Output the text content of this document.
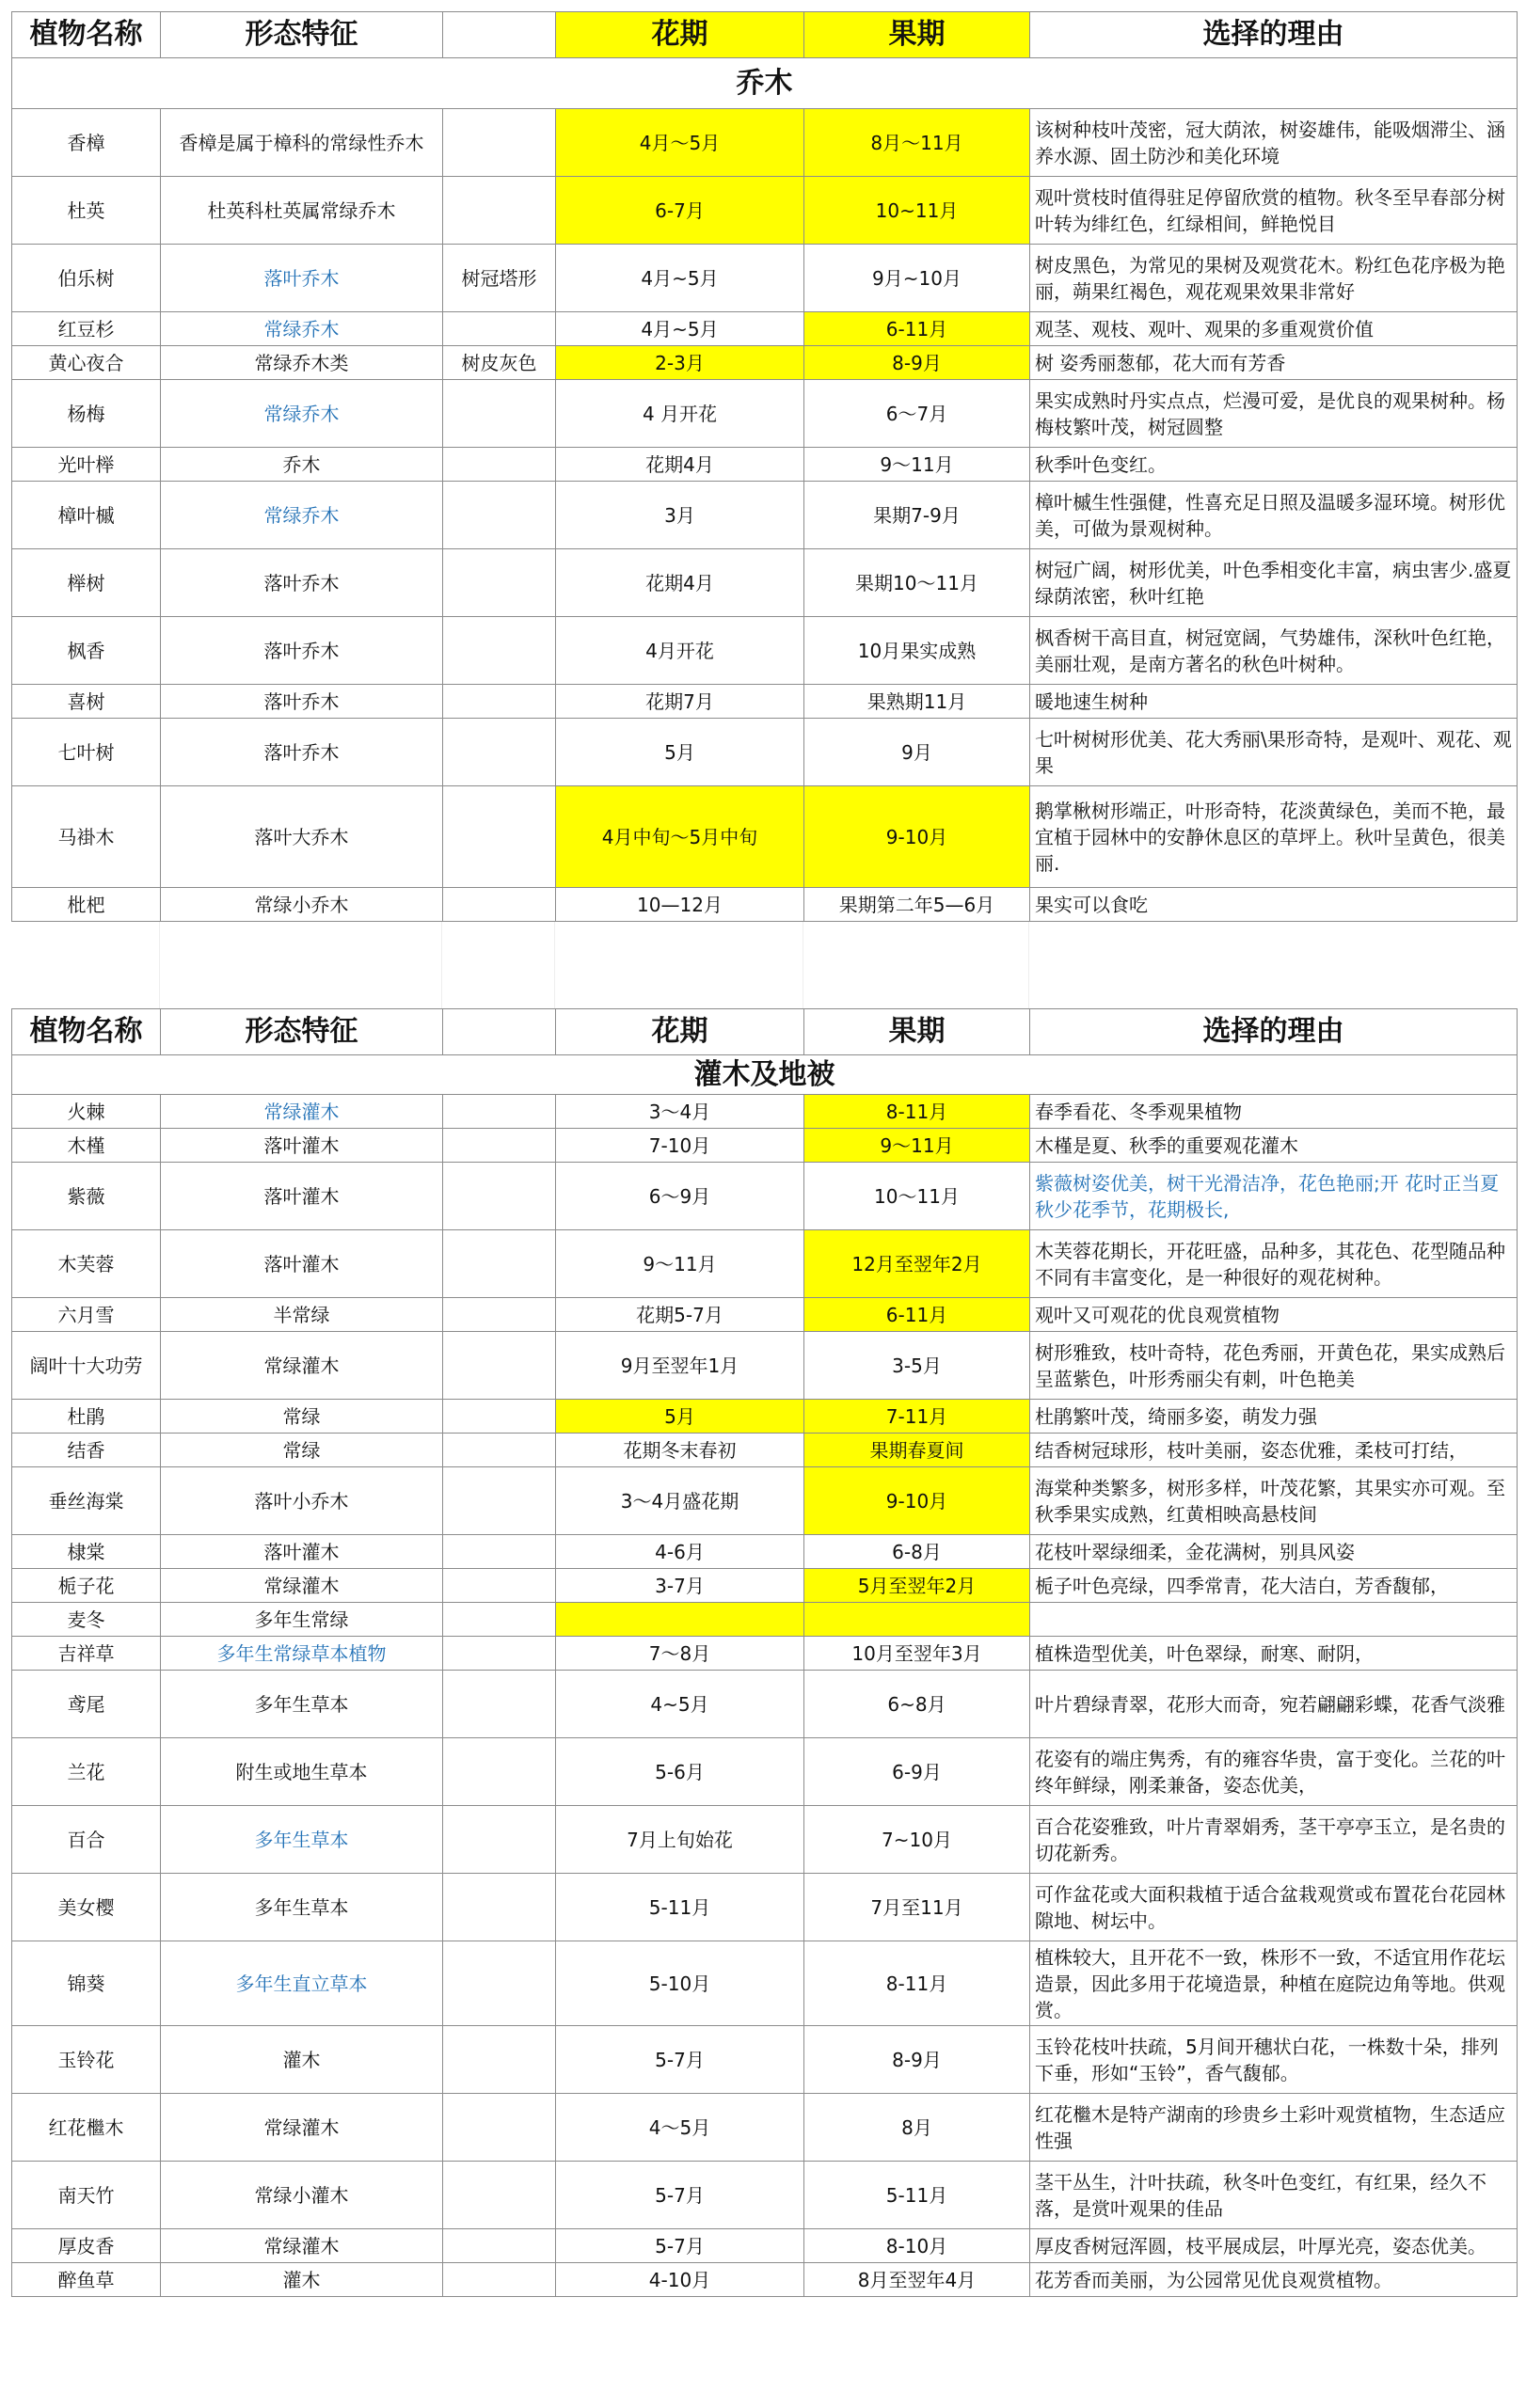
植物名称	形态特征		花期	果期	选择的理由
乔木					
香樟	香樟是属于樟科的常绿性乔木		4月～5月	8月～11月	该树种枝叶茂密，冠大荫浓，树姿雄伟，能吸烟滞尘、涵养水源、固土防沙和美化环境
杜英	杜英科杜英属常绿乔木		6-7月	10~11月	观叶赏枝时值得驻足停留欣赏的植物。秋冬至早春部分树叶转为绯红色，红绿相间，鲜艳悦目
伯乐树	落叶乔木	树冠塔形	4月~5月	9月~10月	树皮黑色，为常见的果树及观赏花木。粉红色花序极为艳丽，蒴果红褐色，观花观果效果非常好
红豆杉	常绿乔木		4月~5月	6-11月	观茎、观枝、观叶、观果的多重观赏价值
黄心夜合	常绿乔木类	树皮灰色	2-3月	8-9月	树 姿秀丽葱郁，花大而有芳香
杨梅	常绿乔木		4 月开花	6～7月	果实成熟时丹实点点，烂漫可爱，是优良的观果树种。杨梅枝繁叶茂，树冠圆整
光叶榉	乔木		花期4月	9～11月	秋季叶色变红。
樟叶槭	常绿乔木		3月	果期7-9月	樟叶槭生性强健，性喜充足日照及温暖多湿环境。树形优美，可做为景观树种。
榉树	落叶乔木		花期4月	果期10～11月	树冠广阔，树形优美，叶色季相变化丰富，病虫害少.盛夏绿荫浓密，秋叶红艳
枫香	落叶乔木		4月开花	10月果实成熟	枫香树干高目直，树冠宽阔，气势雄伟，深秋叶色红艳，美丽壮观，是南方著名的秋色叶树种。
喜树	落叶乔木		花期7月	果熟期11月	暖地速生树种
七叶树	落叶乔木		5月	9月	七叶树树形优美、花大秀丽\果形奇特，是观叶、观花、观果
马褂木	落叶大乔木		4月中旬～5月中旬	9-10月	鹅掌楸树形端正，叶形奇特，花淡黄绿色，美而不艳，最宜植于园林中的安静休息区的草坪上。秋叶呈黄色，很美丽.
枇杷	常绿小乔木		10—12月	果期第二年5—6月	果实可以食吃
植物名称	形态特征		花期	果期	选择的理由
灌木及地被					
火棘	常绿灌木		3～4月	8-11月	春季看花、冬季观果植物
木槿	落叶灌木		7-10月	9～11月	木槿是夏、秋季的重要观花灌木
紫薇	落叶灌木		6～9月	10～11月	紫薇树姿优美，树干光滑洁净，花色艳丽;开 花时正当夏秋少花季节，花期极长,
木芙蓉	落叶灌木		9～11月	12月至翌年2月	木芙蓉花期长，开花旺盛，品种多，其花色、花型随品种不同有丰富变化，是一种很好的观花树种。
六月雪	半常绿		花期5-7月	6-11月	观叶又可观花的优良观赏植物
阔叶十大功劳	常绿灌木		9月至翌年1月	3-5月	树形雅致，枝叶奇特，花色秀丽，开黄色花，果实成熟后呈蓝紫色，叶形秀丽尖有刺，叶色艳美
杜鹃	常绿		5月	7-11月	杜鹃繁叶茂，绮丽多姿，萌发力强
结香	常绿		花期冬末春初	果期春夏间	结香树冠球形，枝叶美丽，姿态优雅，柔枝可打结，
垂丝海棠	落叶小乔木		3～4月盛花期	9-10月	海棠种类繁多，树形多样，叶茂花繁，其果实亦可观。至秋季果实成熟，红黄相映高悬枝间
棣棠	落叶灌木		4-6月	6-8月	花枝叶翠绿细柔，金花满树，别具风姿
栀子花	常绿灌木		3-7月	5月至翌年2月	栀子叶色亮绿，四季常青，花大洁白，芳香馥郁，
麦冬	多年生常绿				
吉祥草	多年生常绿草本植物		7～8月	10月至翌年3月	植株造型优美，叶色翠绿，耐寒、耐阴，
鸢尾	多年生草本		4~5月	6~8月	叶片碧绿青翠，花形大而奇，宛若翩翩彩蝶，花香气淡雅
兰花	附生或地生草本		5-6月	6-9月	花姿有的端庄隽秀，有的雍容华贵，富于变化。兰花的叶终年鲜绿，刚柔兼备，姿态优美，
百合	多年生草本		7月上旬始花	7~10月	百合花姿雅致，叶片青翠娟秀，茎干亭亭玉立，是名贵的切花新秀。
美女樱	多年生草本		5-11月	7月至11月	可作盆花或大面积栽植于适合盆栽观赏或布置花台花园林隙地、树坛中。
锦葵	多年生直立草本		5-10月	8-11月	植株较大，且开花不一致，株形不一致，不适宜用作花坛造景，因此多用于花境造景，种植在庭院边角等地。供观赏。
玉铃花	灌木		5-7月	8-9月	玉铃花枝叶扶疏，5月间开穗状白花，一株数十朵，排列下垂，形如“玉铃”，香气馥郁。
红花檵木	常绿灌木		4～5月	8月	红花檵木是特产湖南的珍贵乡土彩叶观赏植物，生态适应性强
南天竹	常绿小灌木		5-7月	5-11月	茎干丛生，汁叶扶疏，秋冬叶色变红，有红果，经久不落，是赏叶观果的佳品
厚皮香	常绿灌木		5-7月	8-10月	厚皮香树冠浑圆，枝平展成层，叶厚光亮，姿态优美。
醉鱼草	灌木		4-10月	8月至翌年4月	花芳香而美丽，为公园常见优良观赏植物。
